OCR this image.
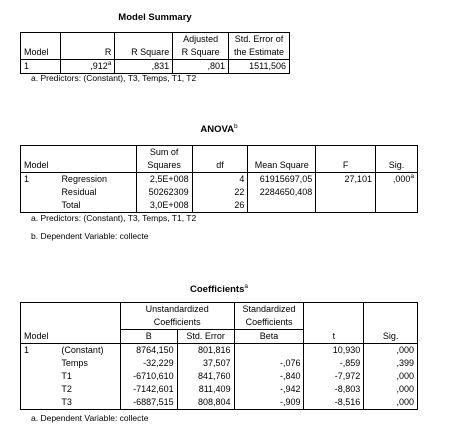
Model Summary
			Adjusted	Std. Error of
Model	R	R Square	R Square	the Estimate
1	,912$^a$	,831	,801	1511,506
a. Predictors: (Constant), T3, Temps, T1, T2
ANOVA$^b$
		Sum of				
Model		Squares	df	Mean Square	F	Sig.
1	Regression	2,5E+008	4	61915697,05	27,101	,000$^a$
	Residual	50262309	22	2284650,408		
	Total	3,0E+008	26			
a. Predictors: (Constant), T3, Temps, T1, T2
b. Dependent Variable: collecte
Coefficients$^a$
		Unstandardized		Standardized		
		Coefficients		Coefficients		
Model		B	Std. Error	Beta	t	Sig.
1	(Constant)	8764,150	801,816		10,930	,000
	Temps	-32,229	37,507	-,076	-,859	,399
	T1	-6710,610	841,760	-,840	-7,972	,000
	T2	-7142,601	811,409	-,942	-8,803	,000
	T3	-6887,515	808,804	-,909	-8,516	,000
a. Dependent Variable: collecte
